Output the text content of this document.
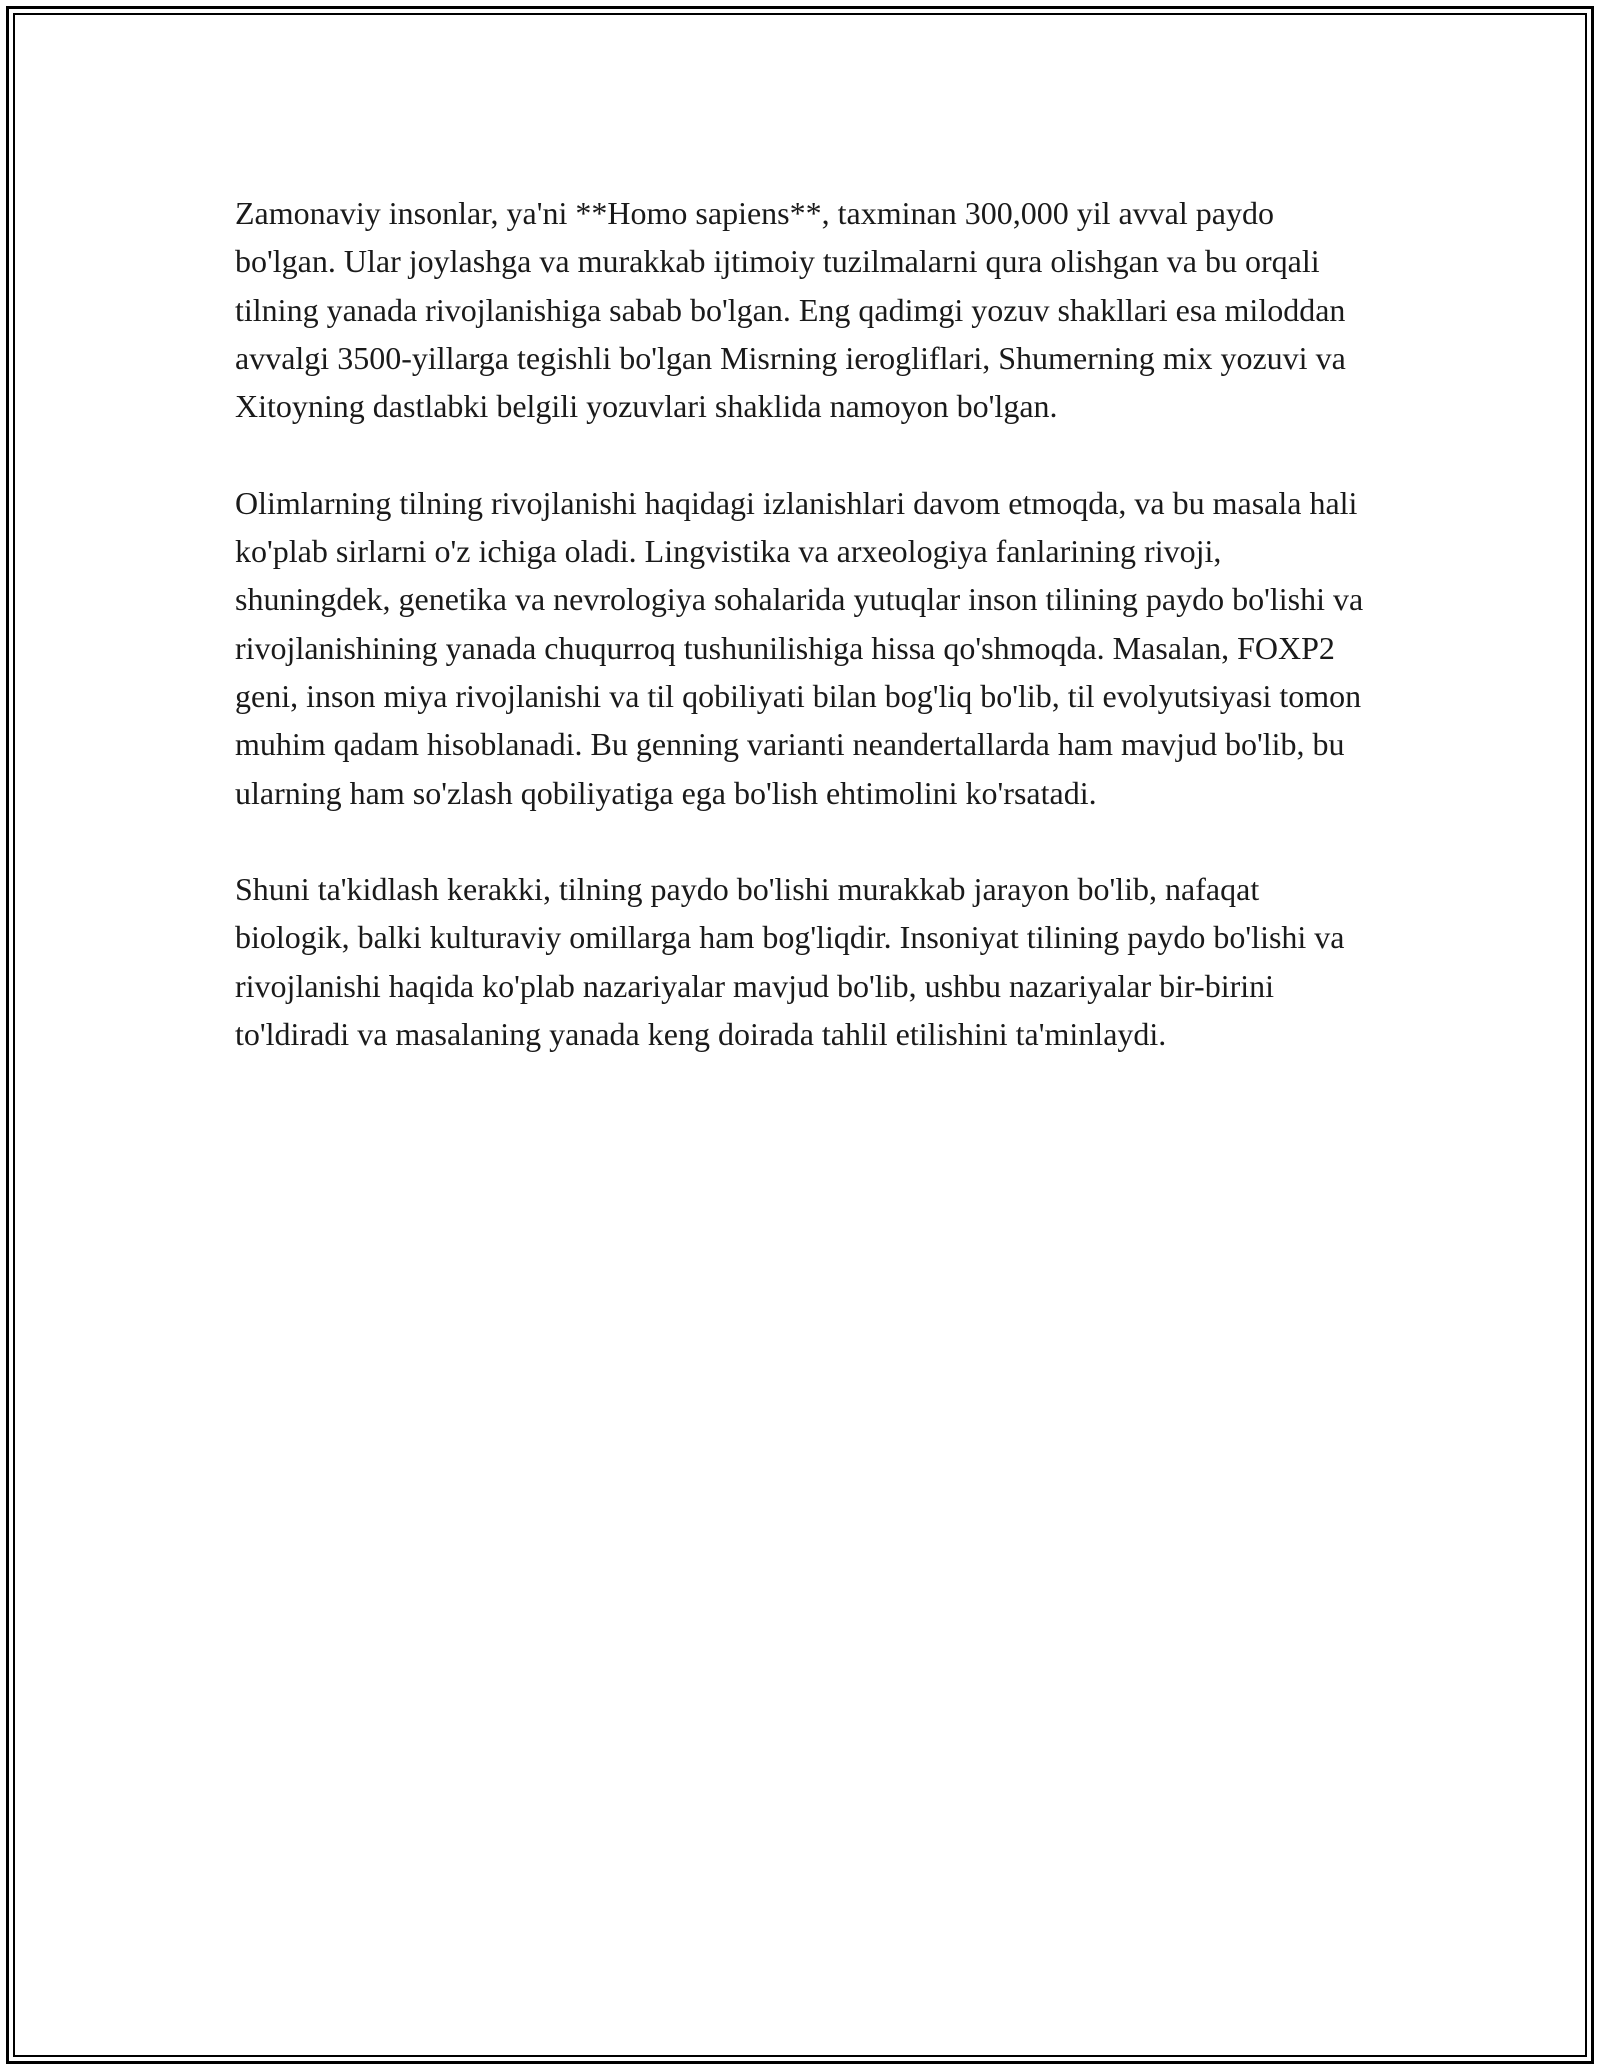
Zamonaviy insonlar, ya'ni **Homo sapiens**, taxminan 300,000 yil avval paydo bo'lgan. Ular joylashga va murakkab ijtimoiy tuzilmalarni qura olishgan va bu orqali tilning yanada rivojlanishiga sabab bo'lgan. Eng qadimgi yozuv shakllari esa miloddan avvalgi 3500-yillarga tegishli bo'lgan Misrning ierogliflari, Shumerning mix yozuvi va Xitoyning dastlabki belgili yozuvlari shaklida namoyon bo'lgan.

Olimlarning tilning rivojlanishi haqidagi izlanishlari davom etmoqda, va bu masala hali ko'plab sirlarni o'z ichiga oladi. Lingvistika va arxeologiya fanlarining rivoji, shuningdek, genetika va nevrologiya sohalarida yutuqlar inson tilining paydo bo'lishi va rivojlanishining yanada chuqurroq tushunilishiga hissa qo'shmoqda. Masalan, FOXP2 geni, inson miya rivojlanishi va til qobiliyati bilan bog'liq bo'lib, til evolyutsiyasi tomon muhim qadam hisoblanadi. Bu genning varianti neandertallarda ham mavjud bo'lib, bu ularning ham so'zlash qobiliyatiga ega bo'lish ehtimolini ko'rsatadi.

Shuni ta'kidlash kerakki, tilning paydo bo'lishi murakkab jarayon bo'lib, nafaqat biologik, balki kulturaviy omillarga ham bog'liqdir. Insoniyat tilining paydo bo'lishi va rivojlanishi haqida ko'plab nazariyalar mavjud bo'lib, ushbu nazariyalar bir-birini to'ldiradi va masalaning yanada keng doirada tahlil etilishini ta'minlaydi.
